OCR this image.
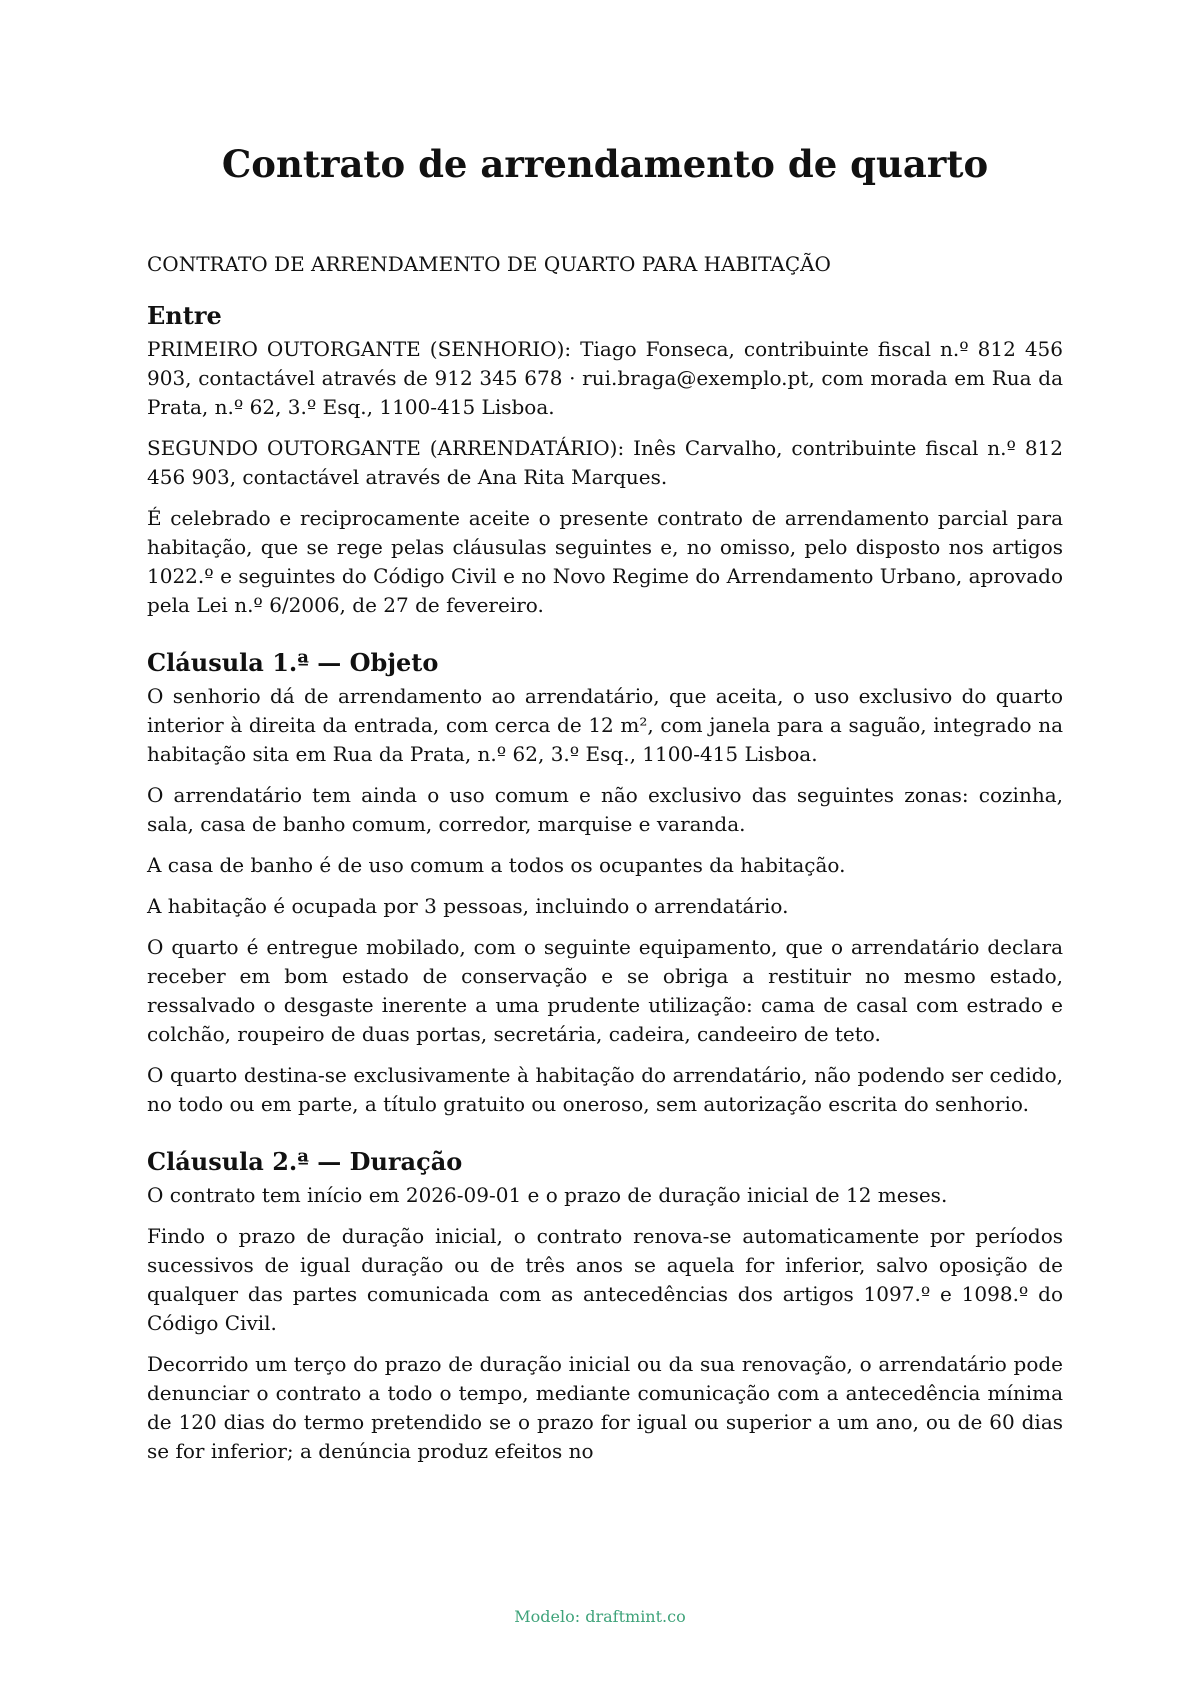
Contrato de arrendamento de quarto

CONTRATO DE ARRENDAMENTO DE QUARTO PARA HABITAÇÃO

Entre

PRIMEIRO OUTORGANTE (SENHORIO): Tiago Fonseca, contribuinte fiscal n.º 812 456 903, contactável através de 912 345 678 · rui.braga@exemplo.pt, com morada em Rua da Prata, n.º 62, 3.º Esq., 1100-415 Lisboa.

SEGUNDO OUTORGANTE (ARRENDATÁRIO): Inês Carvalho, contribuinte fiscal n.º 812 456 903, contactável através de Ana Rita Marques.

É celebrado e reciprocamente aceite o presente contrato de arrendamento parcial para habitação, que se rege pelas cláusulas seguintes e, no omisso, pelo disposto nos artigos 1022.º e seguintes do Código Civil e no Novo Regime do Arrendamento Urbano, aprovado pela Lei n.º 6/2006, de 27 de fevereiro.

Cláusula 1.ª — Objeto

O senhorio dá de arrendamento ao arrendatário, que aceita, o uso exclusivo do quarto interior à direita da entrada, com cerca de 12 m², com janela para a saguão, integrado na habitação sita em Rua da Prata, n.º 62, 3.º Esq., 1100-415 Lisboa.

O arrendatário tem ainda o uso comum e não exclusivo das seguintes zonas: cozinha, sala, casa de banho comum, corredor, marquise e varanda.

A casa de banho é de uso comum a todos os ocupantes da habitação.

A habitação é ocupada por 3 pessoas, incluindo o arrendatário.

O quarto é entregue mobilado, com o seguinte equipamento, que o arrendatário declara receber em bom estado de conservação e se obriga a restituir no mesmo estado, ressalvado o desgaste inerente a uma prudente utilização: cama de casal com estrado e colchão, roupeiro de duas portas, secretária, cadeira, candeeiro de teto.

O quarto destina-se exclusivamente à habitação do arrendatário, não podendo ser cedido, no todo ou em parte, a título gratuito ou oneroso, sem autorização escrita do senhorio.

Cláusula 2.ª — Duração

O contrato tem início em 2026-09-01 e o prazo de duração inicial de 12 meses.

Findo o prazo de duração inicial, o contrato renova-se automaticamente por períodos sucessivos de igual duração ou de três anos se aquela for inferior, salvo oposição de qualquer das partes comunicada com as antecedências dos artigos 1097.º e 1098.º do Código Civil.

Decorrido um terço do prazo de duração inicial ou da sua renovação, o arrendatário pode denunciar o contrato a todo o tempo, mediante comunicação com a antecedência mínima de 120 dias do termo pretendido se o prazo for igual ou superior a um ano, ou de 60 dias se for inferior; a denúncia produz efeitos no

Modelo: draftmint.co
